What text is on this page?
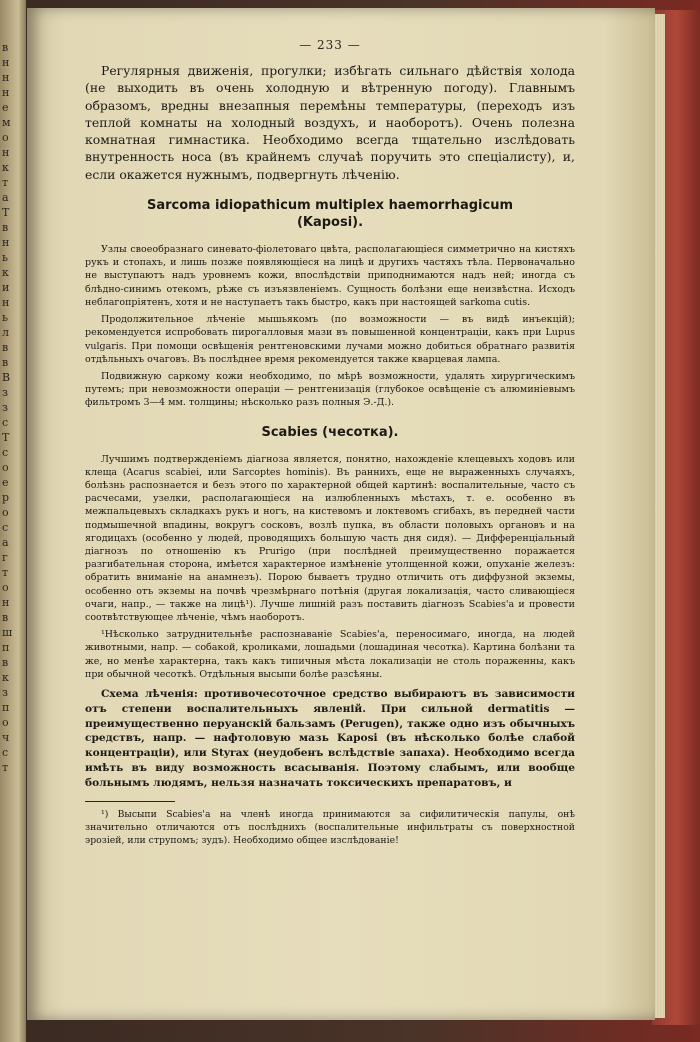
в
н
н
н
е
м
о
н
к
т
а
Т
в
н
ь
к
и
н
ь
л
в
в
В
з
з
с
Т
с
о
е
р
о
с
а
г
т
о
н
в
ш
п
в
к
з
п
о
ч
с
т
— 233 —

Регулярныя движенія, прогулки; избѣгать сильнаго дѣйствія холода (не выходить въ очень холодную и вѣтренную погоду). Главнымъ образомъ, вредны внезапныя перемѣны температуры, (переходъ изъ теплой комнаты на холодный воздухъ, и наоборотъ). Очень полезна комнатная гимнастика. Необходимо всегда тщательно изслѣдовать внутренность носа (въ крайнемъ случаѣ поручить это спеціалисту), и, если окажется нужнымъ, подвергнуть лѣченію.

Sarcoma idiopathicum multiplex haemorrhagicum
(Kaposi).

Узлы своеобразнаго синевато-фіолетоваго цвѣта, располагающіеся симметрично на кистяхъ рукъ и стопахъ, и лишь позже появляющіеся на лицѣ и другихъ частяхъ тѣла. Первоначально не выступаютъ надъ уровнемъ кожи, впослѣдствіи приподнимаются надъ ней; иногда съ блѣдно-синимъ отекомъ, рѣже съ изъязвленіемъ. Сущность болѣзни еще неизвѣстна. Исходъ неблагопріятенъ, хотя и не наступаетъ такъ быстро, какъ при настоящей sarkoma cutis.

Продолжительное лѣченіе мышьякомъ (по возможности — въ видѣ инъекцій); рекомендуется испробовать пирогалловыя мази въ повышенной концентраціи, какъ при Lupus vulgaris. При помощи освѣщенія рентгеновскими лучами можно добиться обратнаго развитія отдѣльныхъ очаговъ. Въ послѣднее время рекомендуется также кварцевая лампа.

Подвижную саркому кожи необходимо, по мѣрѣ возможности, удалять хирургическимъ путемъ; при невозможности операціи — рентгенизація (глубокое освѣщеніе съ алюминіевымъ фильтромъ 3—4 мм. толщины; нѣсколько разъ полныя Э.-Д.).

Scabies (чесотка).

Лучшимъ подтвержденіемъ діагноза является, понятно, нахожденіе клещевыхъ ходовъ или клеща (Acarus scabiei, или Sarcoptes hominis). Въ раннихъ, еще не выраженныхъ случаяхъ, болѣзнь распознается и безъ этого по характерной общей картинѣ: воспалительные, часто съ расчесами, узелки, располагающіеся на излюбленныхъ мѣстахъ, т. е. особенно въ межпальцевыхъ складкахъ рукъ и ногъ, на кистевомъ и локтевомъ сгибахъ, въ передней части подмышечной впадины, вокругъ сосковъ, возлѣ пупка, въ области половыхъ органовъ и на ягодицахъ (особенно у людей, проводящихъ большую часть дня сидя). — Дифференціальный діагнозъ по отношенію къ Prurigo (при послѣдней преимущественно поражается разгибательная сторона, имѣется характерное измѣненіе утолщенной кожи, опуханіе железъ: обратить вниманіе на анамнезъ). Порою бываетъ трудно отличить отъ диффузной экземы, особенно отъ экземы на почвѣ чрезмѣрнаго потѣнія (другая локализація, часто сливающіеся очаги, напр., — также на лицѣ¹). Лучше лишній разъ поставить діагнозъ Scabies'а и провести соотвѣтствующее лѣченіе, чѣмъ наоборотъ.

¹Нѣсколько затруднительнѣе распознаваніе Scabies'а, переносимаго, иногда, на людей животными, напр. — собакой, кроликами, лошадьми (лошадиная чесотка). Картина болѣзни та же, но менѣе характерна, такъ какъ типичныя мѣста локализаціи не столь пораженны, какъ при обычной чесоткѣ. Отдѣльныя высыпи болѣе разсѣяны.

Схема лѣченія: противочесоточное средство выбираютъ въ зависимости отъ степени воспалительныхъ явленій. При сильной dermatitis — преимущественно перуанскій бальзамъ (Perugen), также одно изъ обычныхъ средствъ, напр. — нафтоловую мазь Kaposi (въ нѣсколько болѣе слабой концентраціи), или Styrax (неудобенъ вслѣдствіе запаха). Необходимо всегда имѣть въ виду возможность всасыванія. Поэтому слабымъ, или вообще больнымъ людямъ, нельзя назначать токсическихъ препаратовъ, и

¹) Высыпи Scabies'а на членѣ иногда принимаются за сифилитическія папулы, онѣ значительно отличаются отъ послѣднихъ (воспалительные инфильтраты съ поверхностной эрозіей, или струпомъ; зудъ). Необходимо общее изслѣдованіе!
